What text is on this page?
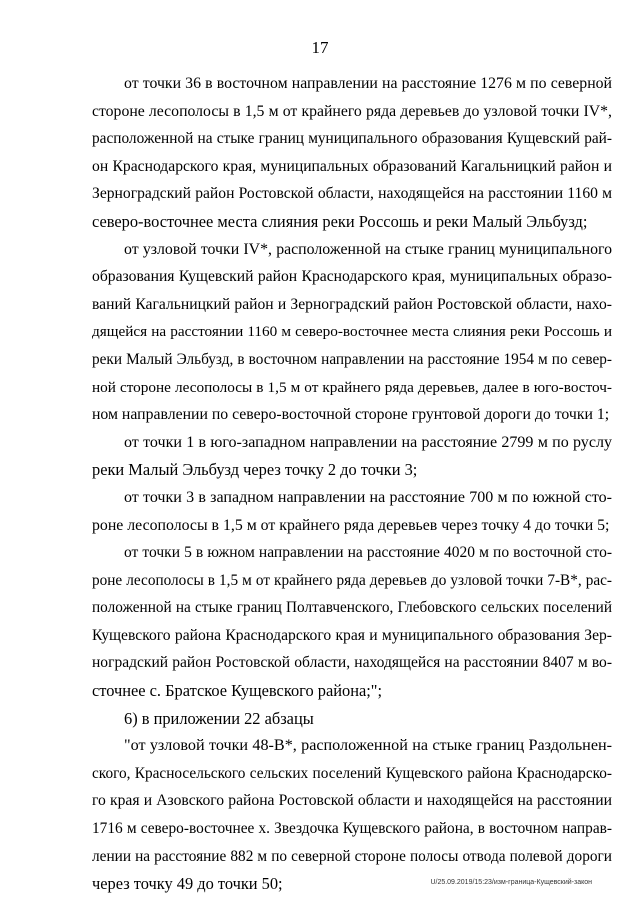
17
от точки 36 в восточном направлении на расстояние 1276 м по северной
стороне лесополосы в 1,5 м от крайнего ряда деревьев до узловой точки IV*,
расположенной на стыке границ муниципального образования Кущевский рай-
он Краснодарского края, муниципальных образований Кагальницкий район и
Зерноградский район Ростовской области, находящейся на расстоянии 1160 м
северо-восточнее места слияния реки Россошь и реки Малый Эльбузд;
от узловой точки IV*, расположенной на стыке границ муниципального
образования Кущевский район Краснодарского края, муниципальных образо-
ваний Кагальницкий район и Зерноградский район Ростовской области, нахо-
дящейся на расстоянии 1160 м северо-восточнее места слияния реки Россошь и
реки Малый Эльбузд, в восточном направлении на расстояние 1954 м по север-
ной стороне лесополосы в 1,5 м от крайнего ряда деревьев, далее в юго-восточ-
ном направлении по северо-восточной стороне грунтовой дороги до точки 1;
от точки 1 в юго-западном направлении на расстояние 2799 м по руслу
реки Малый Эльбузд через точку 2 до точки 3;
от точки 3 в западном направлении на расстояние 700 м по южной сто-
роне лесополосы в 1,5 м от крайнего ряда деревьев через точку 4 до точки 5;
от точки 5 в южном направлении на расстояние 4020 м по восточной сто-
роне лесополосы в 1,5 м от крайнего ряда деревьев до узловой точки 7-В*, рас-
положенной на стыке границ Полтавченского, Глебовского сельских поселений
Кущевского района Краснодарского края и муниципального образования Зер-
ноградский район Ростовской области, находящейся на расстоянии 8407 м во-
сточнее с. Братское Кущевского района;";
6) в приложении 22 абзацы
"от узловой точки 48-В*, расположенной на стыке границ Раздольнен-
ского, Красносельского сельских поселений Кущевского района Краснодарско-
го края и Азовского района Ростовской области и находящейся на расстоянии
1716 м северо-восточнее х. Звездочка Кущевского района, в восточном направ-
лении на расстояние 882 м по северной стороне полосы отвода полевой дороги
через точку 49 до точки 50;	U/25.09.2019/15:23/изм-граница-Кущевский-закон
